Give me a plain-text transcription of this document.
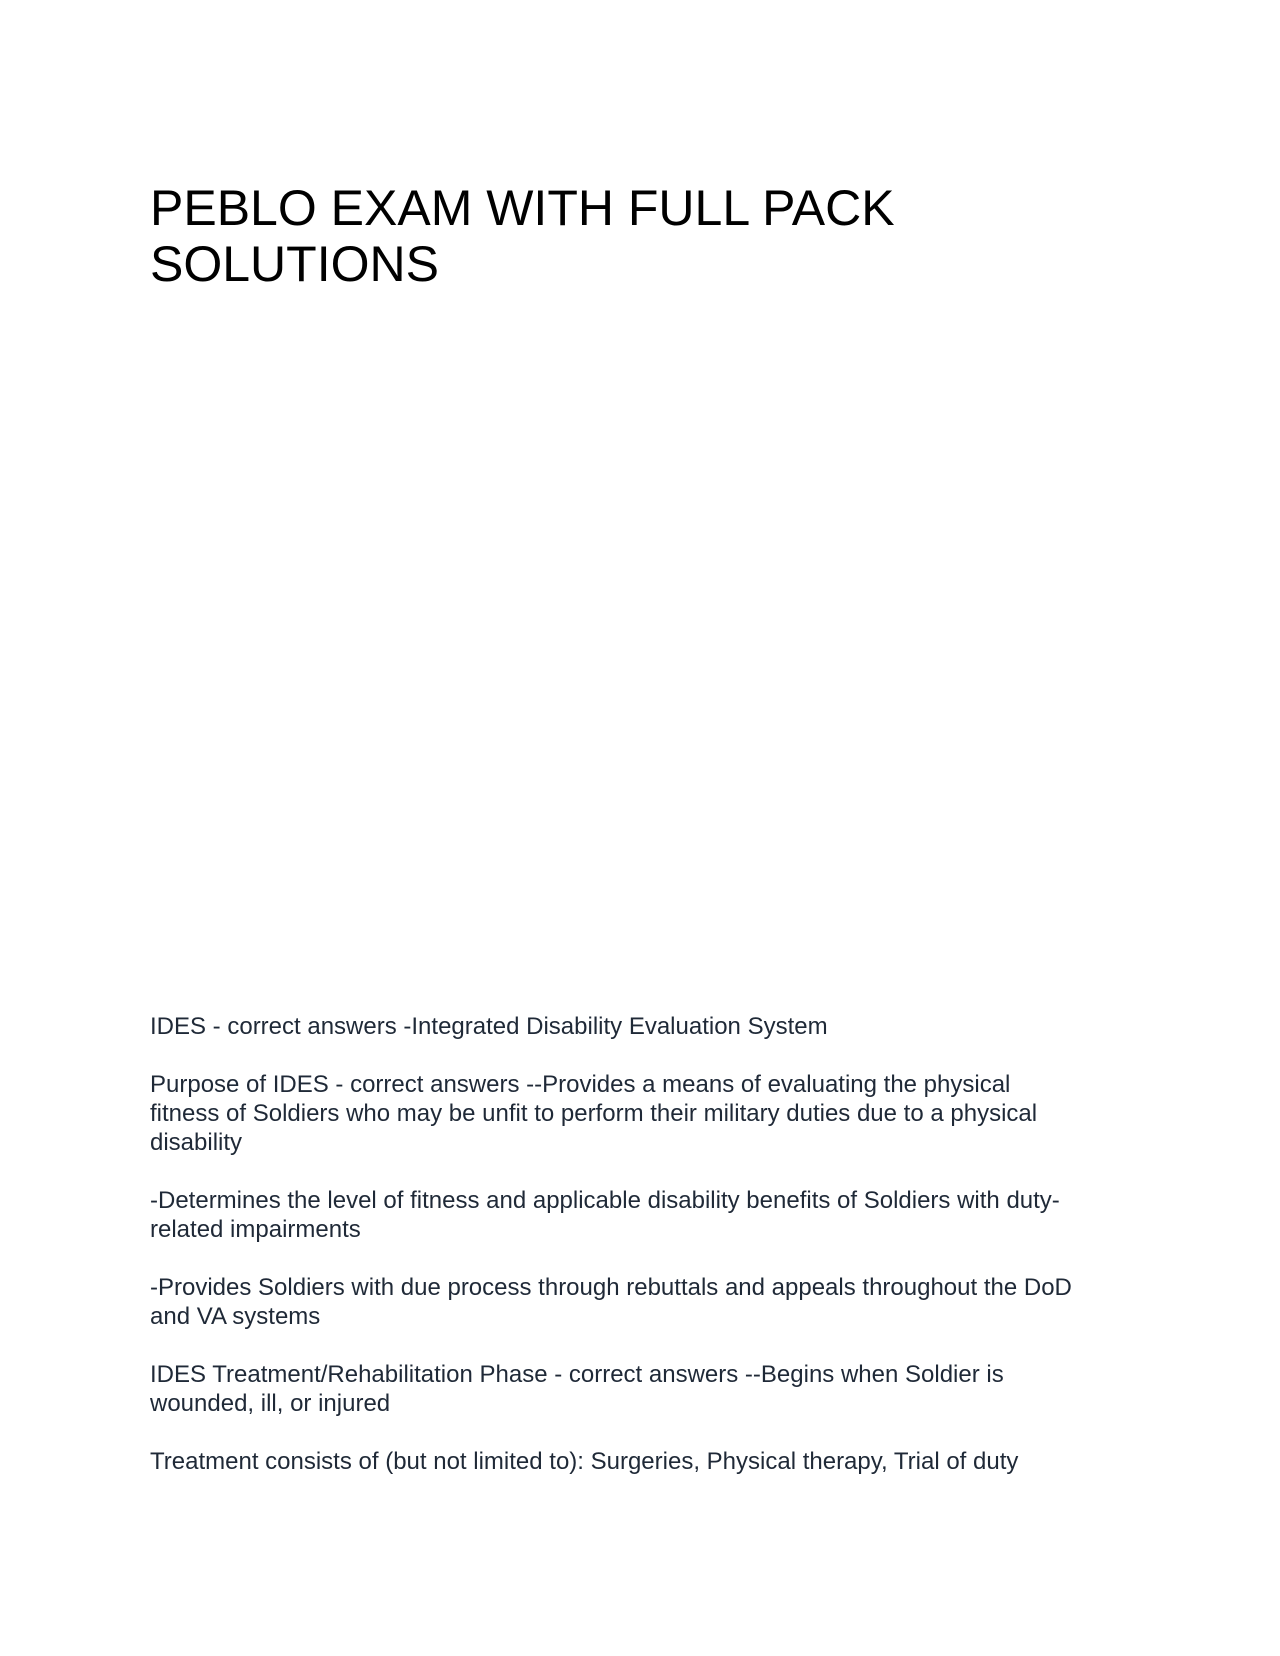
PEBLO EXAM WITH FULL PACK
SOLUTIONS

IDES - correct answers -Integrated Disability Evaluation System

Purpose of IDES - correct answers --Provides a means of evaluating the physical
fitness of Soldiers who may be unfit to perform their military duties due to a physical
disability

-Determines the level of fitness and applicable disability benefits of Soldiers with duty-
related impairments

-Provides Soldiers with due process through rebuttals and appeals throughout the DoD
and VA systems

IDES Treatment/Rehabilitation Phase - correct answers --Begins when Soldier is
wounded, ill, or injured

Treatment consists of (but not limited to): Surgeries, Physical therapy, Trial of duty
